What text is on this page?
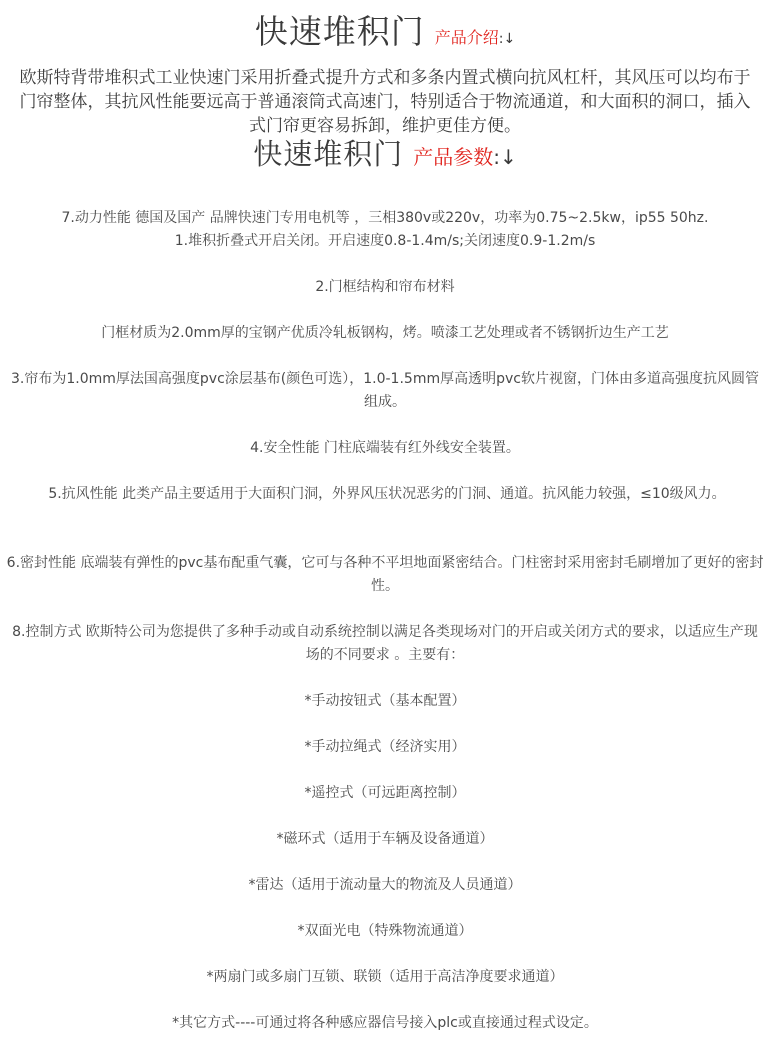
快速堆积门 产品介绍:↓
欧斯特背带堆积式工业快速门采用折叠式提升方式和多条内置式横向抗风杠杆，其风压可以均布于门帘整体，其抗风性能要远高于普通滚筒式高速门，特别适合于物流通道，和大面积的洞口，插入式门帘更容易拆卸，维护更佳方便。
快速堆积门 产品参数:↓
7.动力性能 德国及国产 品牌快速门专用电机等 ，三相380v或220v，功率为0.75~2.5kw，ip55 50hz.
1.堆积折叠式开启关闭。开启速度0.8-1.4m/s;关闭速度0.9-1.2m/s
2.门框结构和帘布材料
门框材质为2.0mm厚的宝钢产优质冷轧板钢构，烤。喷漆工艺处理或者不锈钢折边生产工艺
3.帘布为1.0mm厚法国高强度pvc涂层基布(颜色可选），1.0-1.5mm厚高透明pvc软片视窗，门体由多道高强度抗风圆管组成。
4.安全性能 门柱底端装有红外线安全装置。
5.抗风性能 此类产品主要适用于大面积门洞，外界风压状况恶劣的门洞、通道。抗风能力较强，≤10级风力。
6.密封性能 底端装有弹性的pvc基布配重气囊，它可与各种不平坦地面紧密结合。门柱密封采用密封毛刷增加了更好的密封性。
8.控制方式 欧斯特公司为您提供了多种手动或自动系统控制以满足各类现场对门的开启或关闭方式的要求，以适应生产现场的不同要求 。主要有：
*手动按钮式（基本配置）
*手动拉绳式（经济实用）
*遥控式（可远距离控制）
*磁环式（适用于车辆及设备通道）
*雷达（适用于流动量大的物流及人员通道）
*双面光电（特殊物流通道）
*两扇门或多扇门互锁、联锁（适用于高洁净度要求通道）
*其它方式----可通过将各种感应器信号接入plc或直接通过程式设定。
